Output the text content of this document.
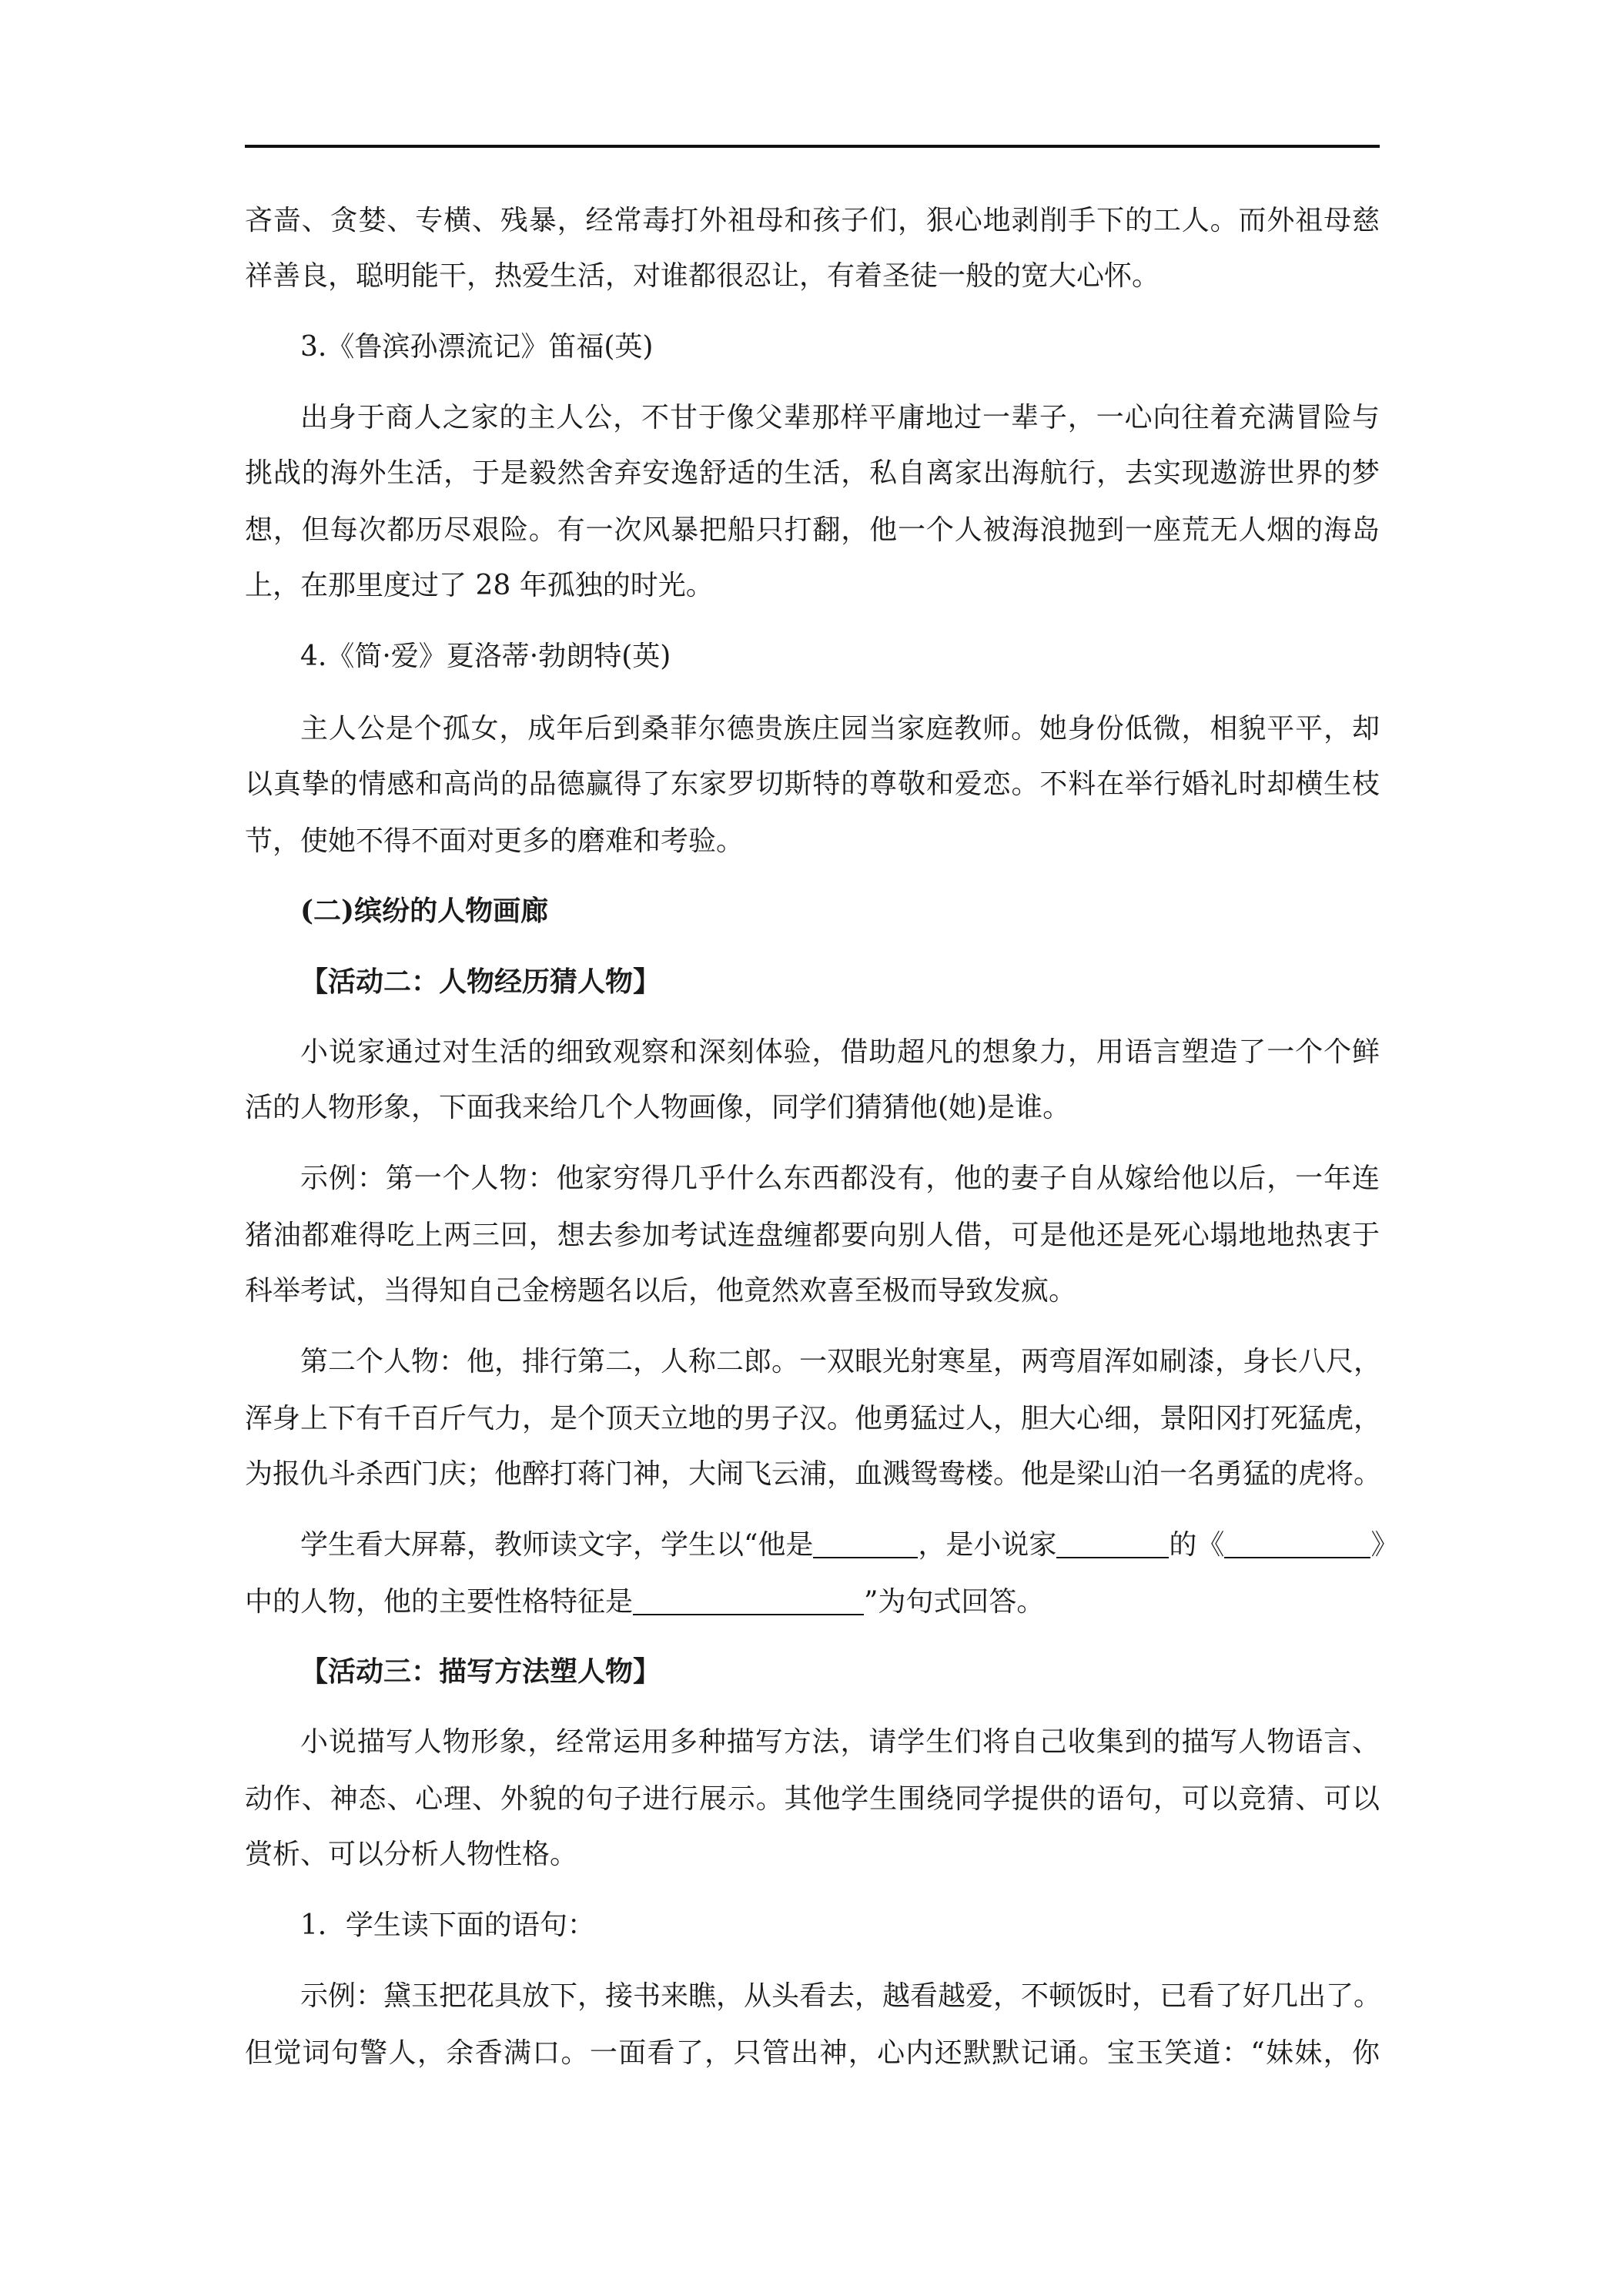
吝啬、贪婪、专横、残暴，经常毒打外祖母和孩子们，狠心地剥削手下的工人。而外祖母慈
祥善良，聪明能干，热爱生活，对谁都很忍让，有着圣徒一般的宽大心怀。
3.《鲁滨孙漂流记》笛福(英)
出身于商人之家的主人公，不甘于像父辈那样平庸地过一辈子，一心向往着充满冒险与
挑战的海外生活，于是毅然舍弃安逸舒适的生活，私自离家出海航行，去实现遨游世界的梦
想，但每次都历尽艰险。有一次风暴把船只打翻，他一个人被海浪抛到一座荒无人烟的海岛
上，在那里度过了 28 年孤独的时光。
4.《简·爱》夏洛蒂·勃朗特(英)
主人公是个孤女，成年后到桑菲尔德贵族庄园当家庭教师。她身份低微，相貌平平，却
以真挚的情感和高尚的品德赢得了东家罗切斯特的尊敬和爱恋。不料在举行婚礼时却横生枝
节，使她不得不面对更多的磨难和考验。
(二)缤纷的人物画廊
【活动二：人物经历猜人物】
小说家通过对生活的细致观察和深刻体验，借助超凡的想象力，用语言塑造了一个个鲜
活的人物形象，下面我来给几个人物画像，同学们猜猜他(她)是谁。
示例：第一个人物：他家穷得几乎什么东西都没有，他的妻子自从嫁给他以后，一年连
猪油都难得吃上两三回，想去参加考试连盘缠都要向别人借，可是他还是死心塌地地热衷于
科举考试，当得知自己金榜题名以后，他竟然欢喜至极而导致发疯。
第二个人物：他，排行第二，人称二郎。一双眼光射寒星，两弯眉浑如刷漆，身长八尺，
浑身上下有千百斤气力，是个顶天立地的男子汉。他勇猛过人，胆大心细，景阳冈打死猛虎，
为报仇斗杀西门庆；他醉打蒋门神，大闹飞云浦，血溅鸳鸯楼。他是梁山泊一名勇猛的虎将。
学生看大屏幕，教师读文字，学生以“他是	，是小说家	的《	》
中的人物，他的主要性格特征是	”为句式回答。
【活动三：描写方法塑人物】
小说描写人物形象，经常运用多种描写方法，请学生们将自己收集到的描写人物语言、
动作、神态、心理、外貌的句子进行展示。其他学生围绕同学提供的语句，可以竞猜、可以
赏析、可以分析人物性格。
1．学生读下面的语句：
示例：黛玉把花具放下，接书来瞧，从头看去，越看越爱，不顿饭时，已看了好几出了。
但觉词句警人，余香满口。一面看了，只管出神，心内还默默记诵。宝玉笑道：“妹妹，你
